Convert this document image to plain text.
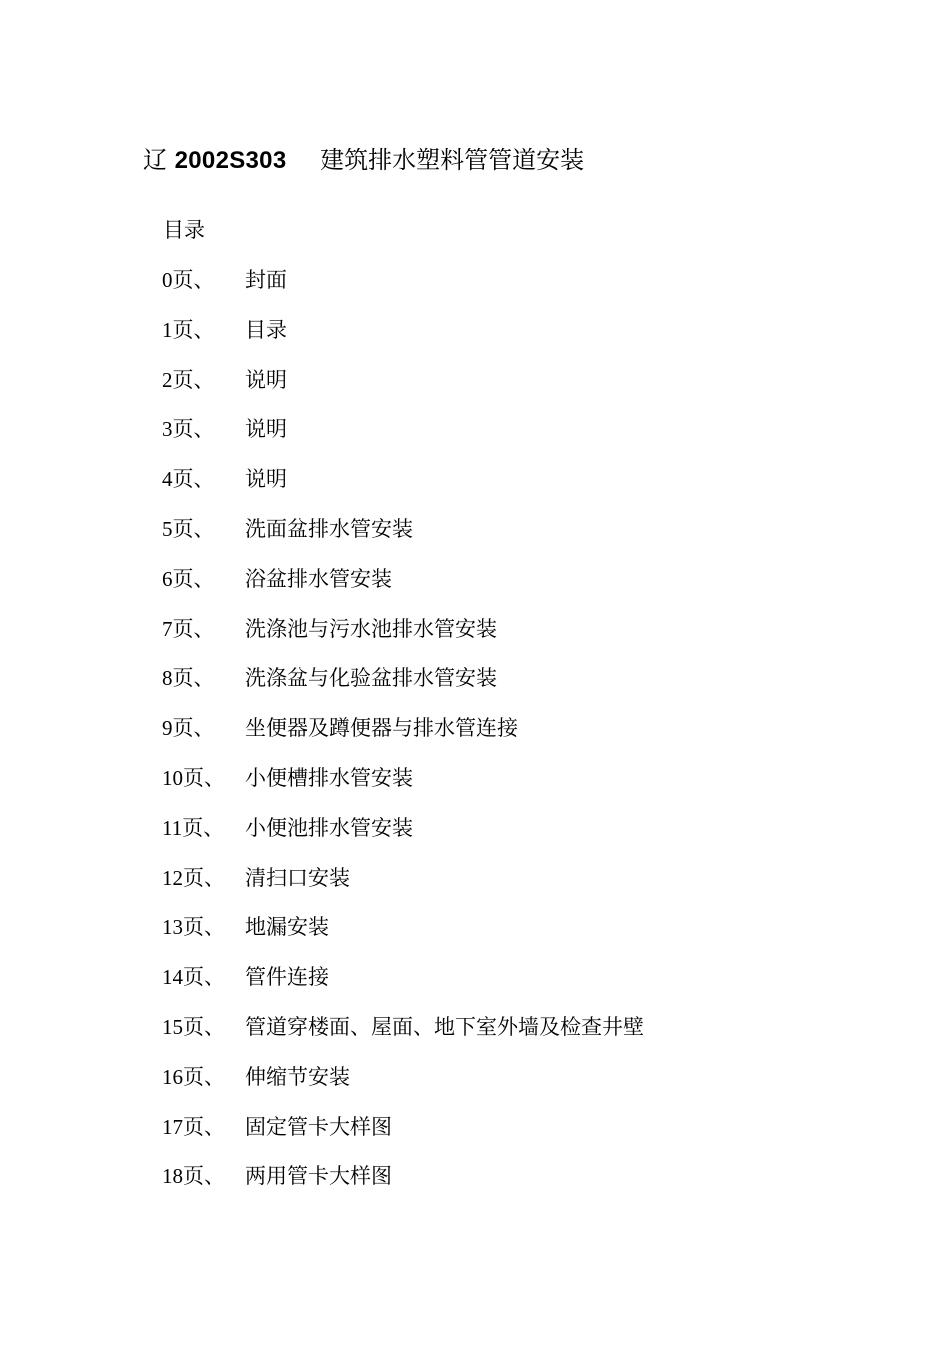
辽 2002S303 建筑排水塑料管管道安装
目录
0页、	封面
1页、	目录
2页、	说明
3页、	说明
4页、	说明
5页、	洗面盆排水管安装
6页、	浴盆排水管安装
7页、	洗涤池与污水池排水管安装
8页、	洗涤盆与化验盆排水管安装
9页、	坐便器及蹲便器与排水管连接
10页、 小便槽排水管安装
11页、 小便池排水管安装
12页、 清扫口安装
13页、 地漏安装
14页、 管件连接
15页、 管道穿楼面、屋面、地下室外墙及检查井壁
16页、 伸缩节安装
17页、 固定管卡大样图
18页、 两用管卡大样图
